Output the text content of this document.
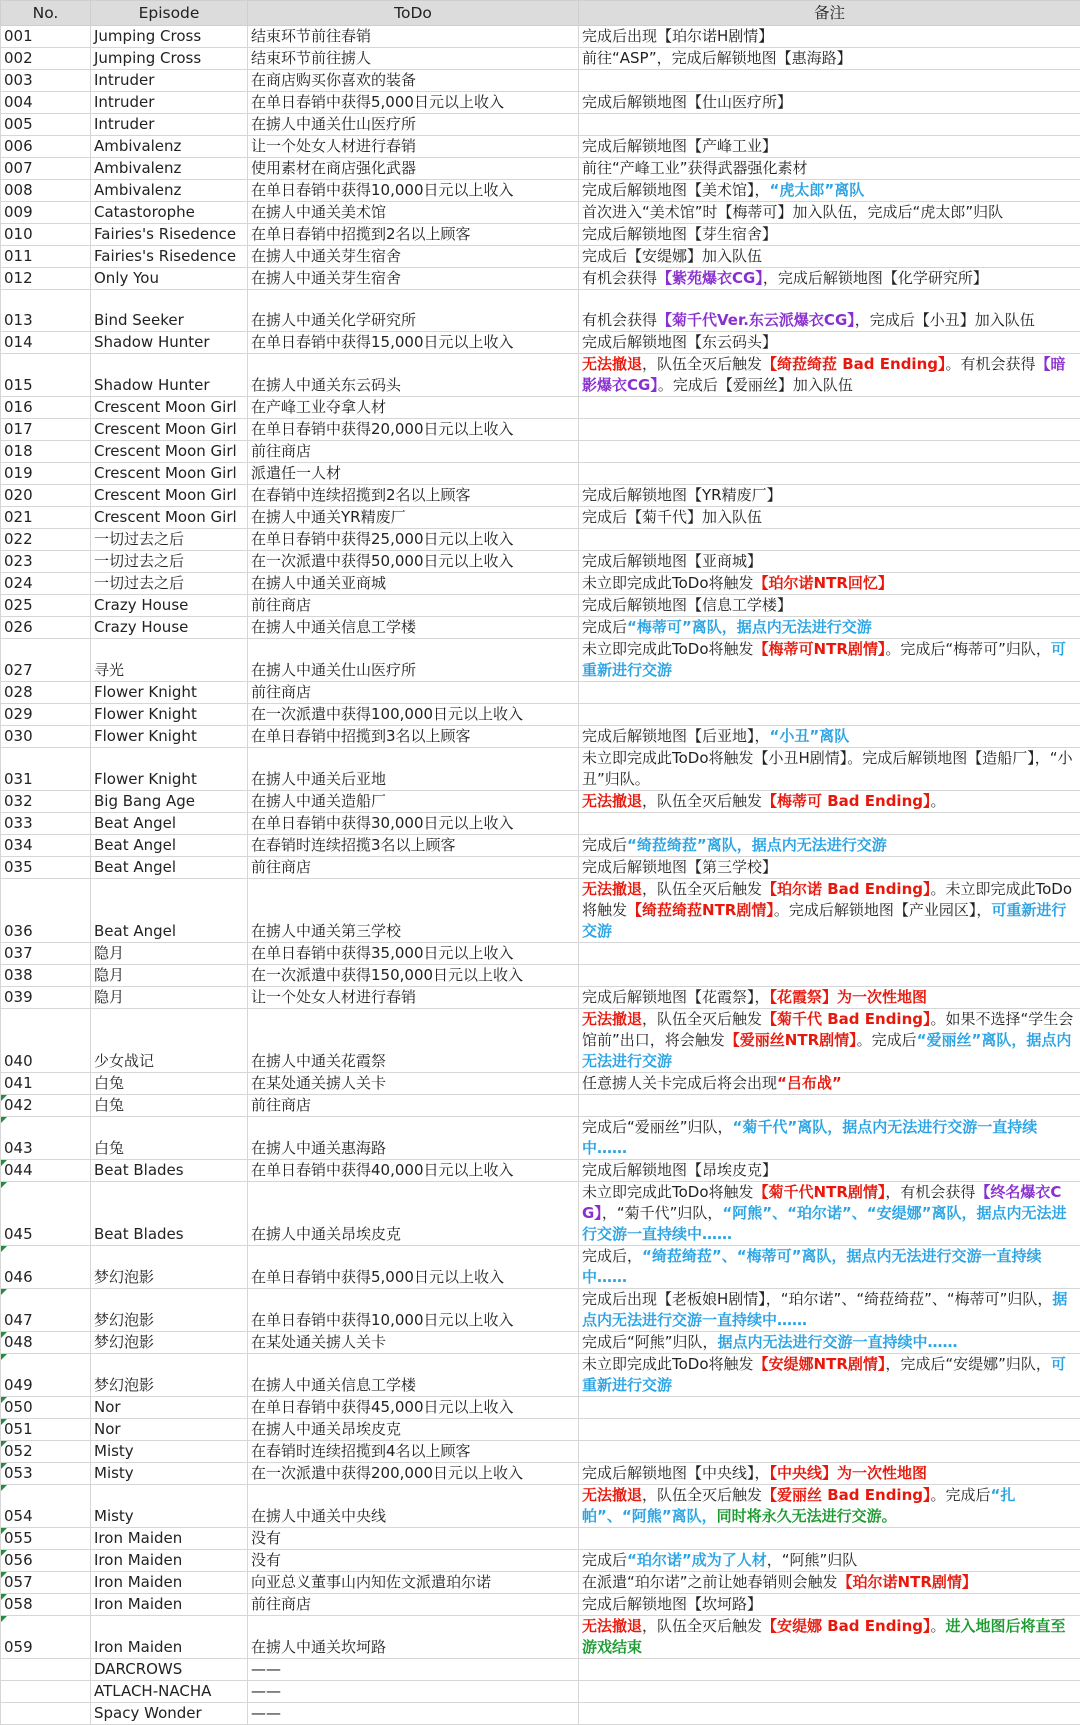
No.	Episode	ToDo	备注
001	Jumping Cross	结束环节前往春销	完成后出现【珀尔诺H剧情】
002	Jumping Cross	结束环节前往掳人	前往“ASP”，完成后解锁地图【惠海路】
003	Intruder	在商店购买你喜欢的装备	
004	Intruder	在单日春销中获得5,000日元以上收入	完成后解锁地图【仕山医疗所】
005	Intruder	在掳人中通关仕山医疗所	
006	Ambivalenz	让一个处女人材进行春销	完成后解锁地图【产峰工业】
007	Ambivalenz	使用素材在商店强化武器	前往“产峰工业”获得武器强化素材
008	Ambivalenz	在单日春销中获得10,000日元以上收入	完成后解锁地图【美术馆】，“虎太郎”离队
009	Catastorophe	在掳人中通关美术馆	首次进入“美术馆”时【梅蒂可】加入队伍，完成后“虎太郎”归队
010	Fairies's Risedence	在单日春销中招揽到2名以上顾客	完成后解锁地图【芽生宿舍】
011	Fairies's Risedence	在掳人中通关芽生宿舍	完成后【安缇娜】加入队伍
012	Only You	在掳人中通关芽生宿舍	有机会获得【紫苑爆衣CG】，完成后解锁地图【化学研究所】
013	Bind Seeker	在掳人中通关化学研究所	有机会获得【菊千代Ver.东云派爆衣CG】，完成后【小丑】加入队伍
014	Shadow Hunter	在单日春销中获得15,000日元以上收入	完成后解锁地图【东云码头】
015	Shadow Hunter	在掳人中通关东云码头	无法撤退，队伍全灭后触发【绮菈绮菈 Bad Ending】。有机会获得【暗影爆衣CG】。完成后【爱丽丝】加入队伍
016	Crescent Moon Girl	在产峰工业夺拿人材	
017	Crescent Moon Girl	在单日春销中获得20,000日元以上收入	
018	Crescent Moon Girl	前往商店	
019	Crescent Moon Girl	派遣任一人材	
020	Crescent Moon Girl	在春销中连续招揽到2名以上顾客	完成后解锁地图【YR精废厂】
021	Crescent Moon Girl	在掳人中通关YR精废厂	完成后【菊千代】加入队伍
022	一切过去之后	在单日春销中获得25,000日元以上收入	
023	一切过去之后	在一次派遣中获得50,000日元以上收入	完成后解锁地图【亚商城】
024	一切过去之后	在掳人中通关亚商城	未立即完成此ToDo将触发【珀尔诺NTR回忆】
025	Crazy House	前往商店	完成后解锁地图【信息工学楼】
026	Crazy House	在掳人中通关信息工学楼	完成后“梅蒂可”离队，据点内无法进行交游
027	寻光	在掳人中通关仕山医疗所	未立即完成此ToDo将触发【梅蒂可NTR剧情】。完成后“梅蒂可”归队，可重新进行交游
028	Flower Knight	前往商店	
029	Flower Knight	在一次派遣中获得100,000日元以上收入	
030	Flower Knight	在单日春销中招揽到3名以上顾客	完成后解锁地图【后亚地】，“小丑”离队
031	Flower Knight	在掳人中通关后亚地	未立即完成此ToDo将触发【小丑H剧情】。完成后解锁地图【造船厂】，“小丑”归队。
032	Big Bang Age	在掳人中通关造船厂	无法撤退，队伍全灭后触发【梅蒂可 Bad Ending】。
033	Beat Angel	在单日春销中获得30,000日元以上收入	
034	Beat Angel	在春销时连续招揽3名以上顾客	完成后“绮菈绮菈”离队，据点内无法进行交游
035	Beat Angel	前往商店	完成后解锁地图【第三学校】
036	Beat Angel	在掳人中通关第三学校	无法撤退，队伍全灭后触发【珀尔诺 Bad Ending】。未立即完成此ToDo将触发【绮菈绮菈NTR剧情】。完成后解锁地图【产业园区】，可重新进行交游
037	隐月	在单日春销中获得35,000日元以上收入	
038	隐月	在一次派遣中获得150,000日元以上收入	
039	隐月	让一个处女人材进行春销	完成后解锁地图【花霞祭】，【花霞祭】为一次性地图
040	少女战记	在掳人中通关花霞祭	无法撤退，队伍全灭后触发【菊千代 Bad Ending】。如果不选择“学生会馆前”出口，将会触发【爱丽丝NTR剧情】。完成后“爱丽丝”离队，据点内无法进行交游
041	白兔	在某处通关掳人关卡	任意掳人关卡完成后将会出现“吕布战”

042	白兔	前往商店	

043	白兔	在掳人中通关惠海路	完成后“爱丽丝”归队，“菊千代”离队，据点内无法进行交游一直持续中……

044	Beat Blades	在单日春销中获得40,000日元以上收入	完成后解锁地图【昂埃皮克】

045	Beat Blades	在掳人中通关昂埃皮克	未立即完成此ToDo将触发【菊千代NTR剧情】，有机会获得【终名爆衣CG】，“菊千代”归队，“阿熊”、“珀尔诺”、“安缇娜”离队，据点内无法进行交游一直持续中……

046	梦幻泡影	在单日春销中获得5,000日元以上收入	完成后，“绮菈绮菈”、“梅蒂可”离队，据点内无法进行交游一直持续中……

047	梦幻泡影	在单日春销中获得10,000日元以上收入	完成后出现【老板娘H剧情】，“珀尔诺”、“绮菈绮菈”、“梅蒂可”归队，据点内无法进行交游一直持续中……

048	梦幻泡影	在某处通关掳人关卡	完成后“阿熊”归队，据点内无法进行交游一直持续中……

049	梦幻泡影	在掳人中通关信息工学楼	未立即完成此ToDo将触发【安缇娜NTR剧情】，完成后“安缇娜”归队，可重新进行交游

050	Nor	在单日春销中获得45,000日元以上收入	

051	Nor	在掳人中通关昂埃皮克	

052	Misty	在春销时连续招揽到4名以上顾客	

053	Misty	在一次派遣中获得200,000日元以上收入	完成后解锁地图【中央线】，【中央线】为一次性地图

054	Misty	在掳人中通关中央线	无法撤退，队伍全灭后触发【爱丽丝 Bad Ending】。完成后“扎帕”、“阿熊”离队，同时将永久无法进行交游。

055	Iron Maiden	没有	

056	Iron Maiden	没有	完成后“珀尔诺”成为了人材，“阿熊”归队

057	Iron Maiden	向亚总义董事山内知佐文派遣珀尔诺	在派遣“珀尔诺”之前让她春销则会触发【珀尔诺NTR剧情】

058	Iron Maiden	前往商店	完成后解锁地图【坎坷路】

059	Iron Maiden	在掳人中通关坎坷路	无法撤退，队伍全灭后触发【安缇娜 Bad Ending】。进入地图后将直至游戏结束
	DARCROWS	——	
	ATLACH-NACHA	——	
	Spacy Wonder	——	
